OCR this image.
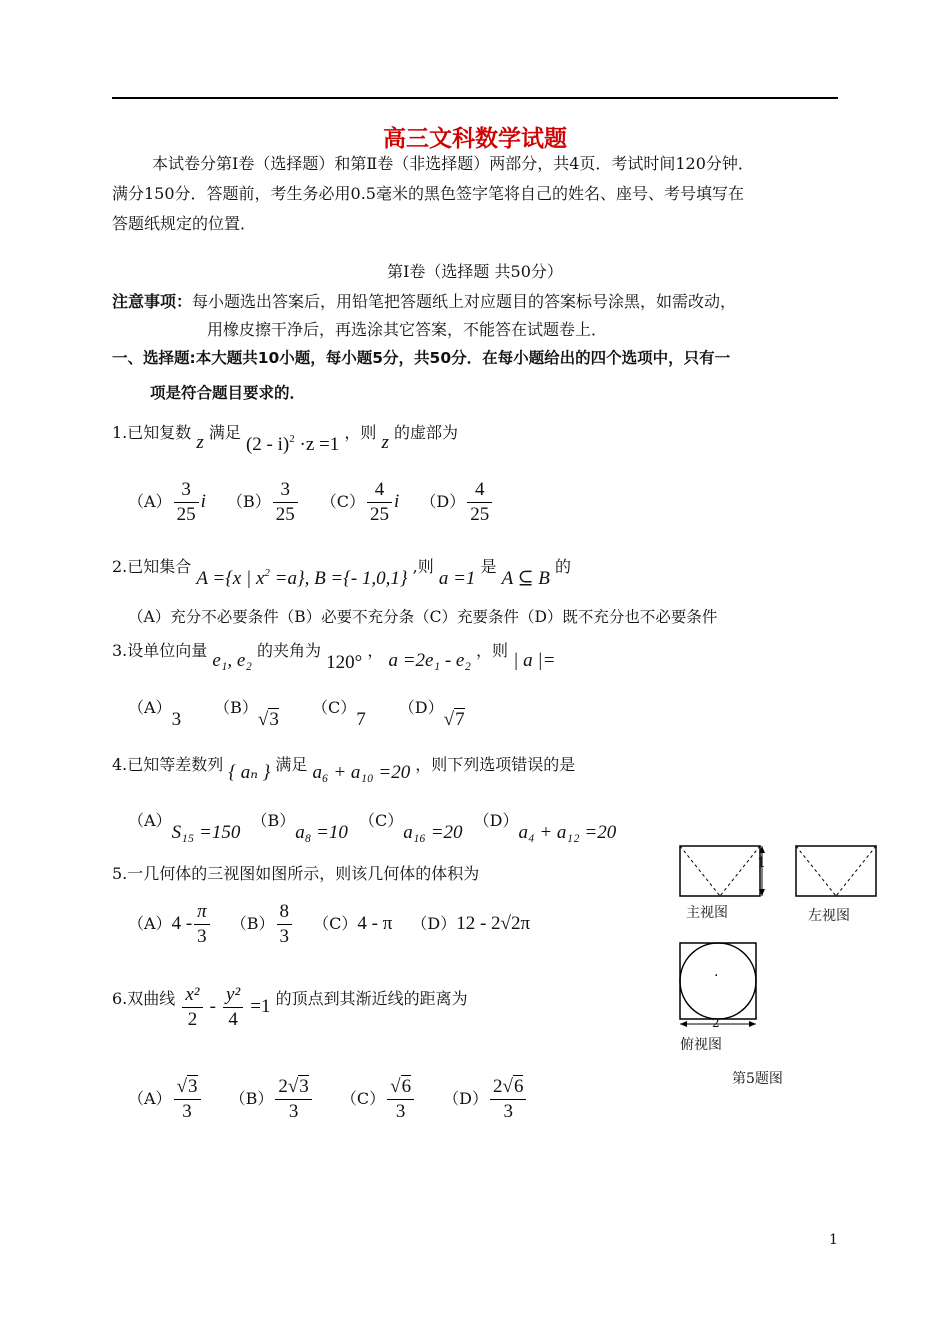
高三文科数学试题
本试卷分第Ⅰ卷（选择题）和第Ⅱ卷（非选择题）两部分，共4页．考试时间120分钟．
满分150分．答题前，考生务必用0.5毫米的黑色签字笔将自己的姓名、座号、考号填写在
答题纸规定的位置．
第Ⅰ卷（选择题 共50分）
注意事项：每小题选出答案后，用铅笔把答题纸上对应题目的答案标号涂黑，如需改动，
用橡皮擦干净后，再选涂其它答案，不能答在试题卷上．
一、选择题:本大题共10小题，每小题5分，共50分．在每小题给出的四个选项中，只有一
项是符合题目要求的．
1.已知复数 z 满足 (2 - i)$^2$ ·z =1 ，则 z 的虚部为
$(A) \frac{3}{25}$ i $(B) \frac{3}{25} (C) \frac{4}{25}$ i $(D) \frac{4}{25}$
2.已知集合 A ={x | $x^2 =a$}, B ={- 1,0,1} ,则 a =1 是 A ⊆ B 的
（A）充分不必要条件（B）必要不充分条（C）充要条件（D）既不充分也不必要条件
3.设单位向量 e₁, e₂ 的夹角为 120° ， a =2e₁ - e₂ ，则 | a |=
（A）3 （B）√3 （C）7 （D）√7
4.已知等差数列 { aₙ } 满足 a₆ + a₁₀ =20 ，则下列选项错误的是
（A）S₁₅ =150 （B）a₈ =10 （C）a₁₆ =20 （D）a₄ + a₁₂ =20
5.一几何体的三视图如图所示，则该几何体的体积为
$(A)4 - \frac{\pi}{3} (B) \frac{8}{3} (C)4$ - π （D）12 - 2√2π
6.双曲线 $\frac{\text{x²}}{2} - \frac{\text{y²}}{4} =1$ 的顶点到其渐近线的距离为
$(A) \frac{√3}{3} (B) \frac{2√3}{3} (C) \frac{√6}{3} (D) \frac{2√6}{3}$
1
主视图	左视图
·
2
俯视图
第5题图
1
